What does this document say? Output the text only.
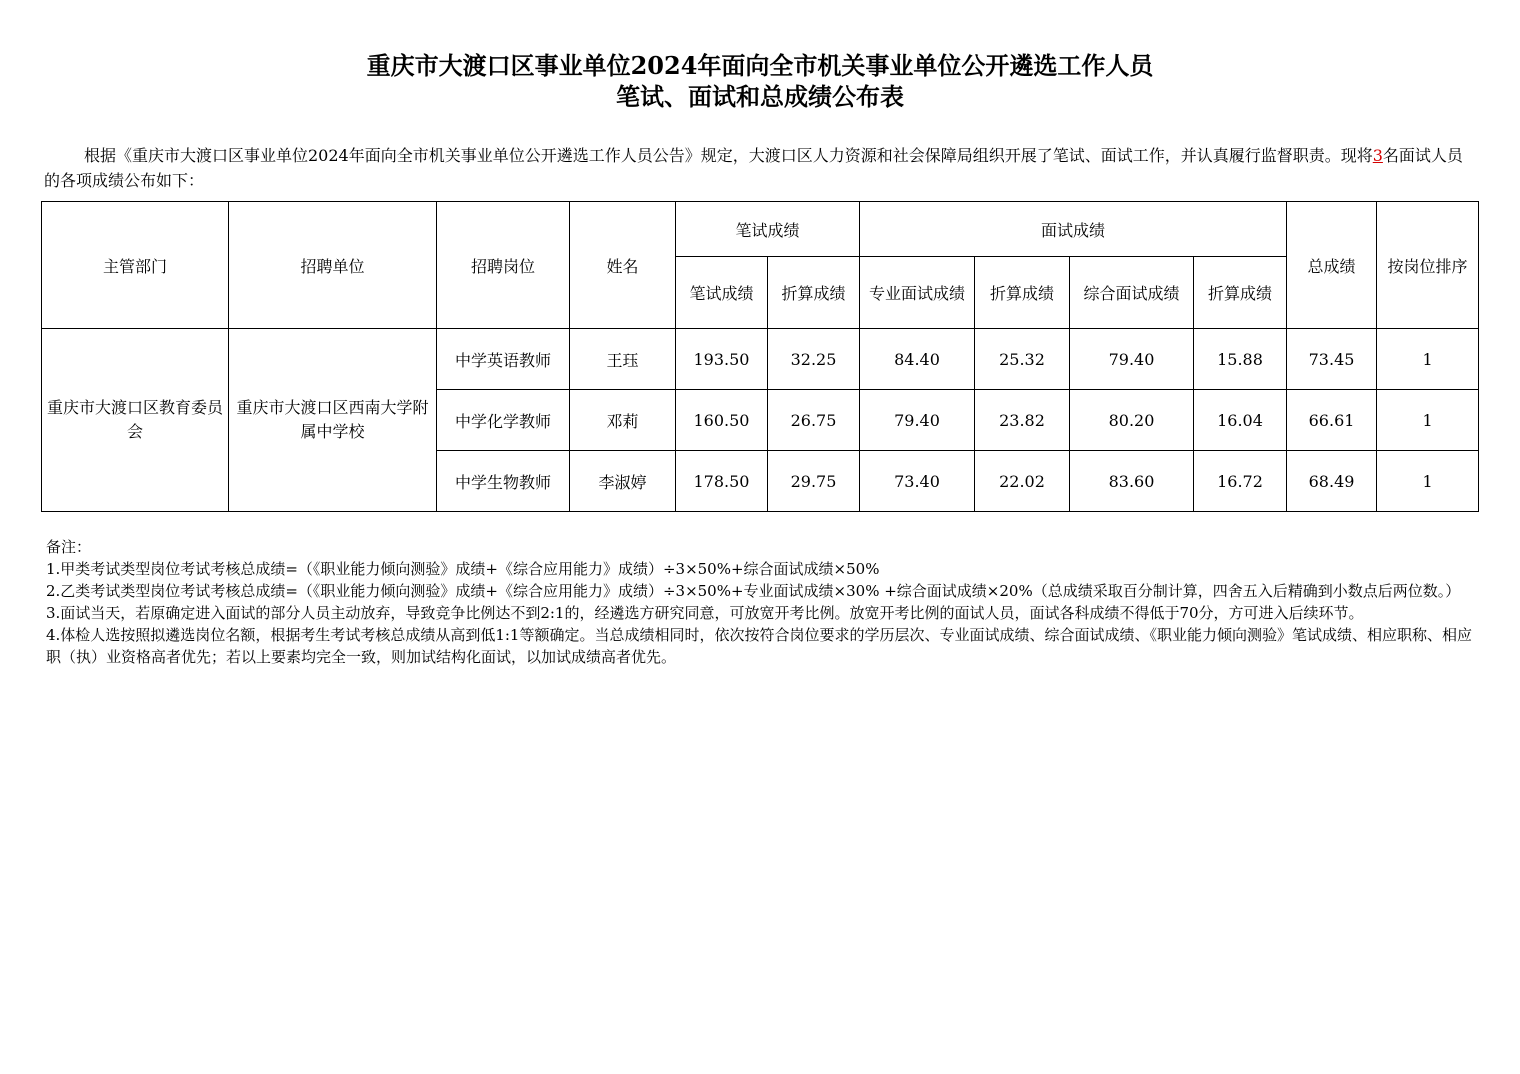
重庆市大渡口区事业单位2024年面向全市机关事业单位公开遴选工作人员
笔试、面试和总成绩公布表

根据《重庆市大渡口区事业单位2024年面向全市机关事业单位公开遴选工作人员公告》规定，大渡口区人力资源和社会保障局组织开展了笔试、面试工作，并认真履行监督职责。现将3名面试人员的各项成绩公布如下：

主管部门	招聘单位	招聘岗位	姓名	笔试成绩		面试成绩				总成绩	按岗位排序
				笔试成绩	折算成绩	专业面试成绩	折算成绩	综合面试成绩	折算成绩		
重庆市大渡口区教育委员会	重庆市大渡口区西南大学附属中学校	中学英语教师	王珏	193.50	32.25	84.40	25.32	79.40	15.88	73.45	1
		中学化学教师	邓莉	160.50	26.75	79.40	23.82	80.20	16.04	66.61	1
		中学生物教师	李淑婷	178.50	29.75	73.40	22.02	83.60	16.72	68.49	1

备注：

1.甲类考试类型岗位考试考核总成绩=（《职业能力倾向测验》成绩+《综合应用能力》成绩）÷3×50%+综合面试成绩×50%

2.乙类考试类型岗位考试考核总成绩=（《职业能力倾向测验》成绩+《综合应用能力》成绩）÷3×50%+专业面试成绩×30% +综合面试成绩×20%（总成绩采取百分制计算，四舍五入后精确到小数点后两位数。）

3.面试当天，若原确定进入面试的部分人员主动放弃，导致竞争比例达不到2:1的，经遴选方研究同意，可放宽开考比例。放宽开考比例的面试人员，面试各科成绩不得低于70分，方可进入后续环节。

4.体检人选按照拟遴选岗位名额，根据考生考试考核总成绩从高到低1:1等额确定。当总成绩相同时，依次按符合岗位要求的学历层次、专业面试成绩、综合面试成绩、《职业能力倾向测验》笔试成绩、相应职称、相应职（执）业资格高者优先；若以上要素均完全一致，则加试结构化面试，以加试成绩高者优先。
